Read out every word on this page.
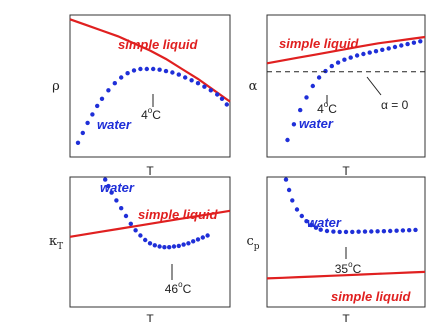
ρ
T
simple liquid
water
4$^o$C
α
T
simple liquid
water
4$^o$C	α = 0
$\kappa_T$
T
simple liquid
water
46$^o$C
$c_p$
T
simple liquid
water
35$^o$C
